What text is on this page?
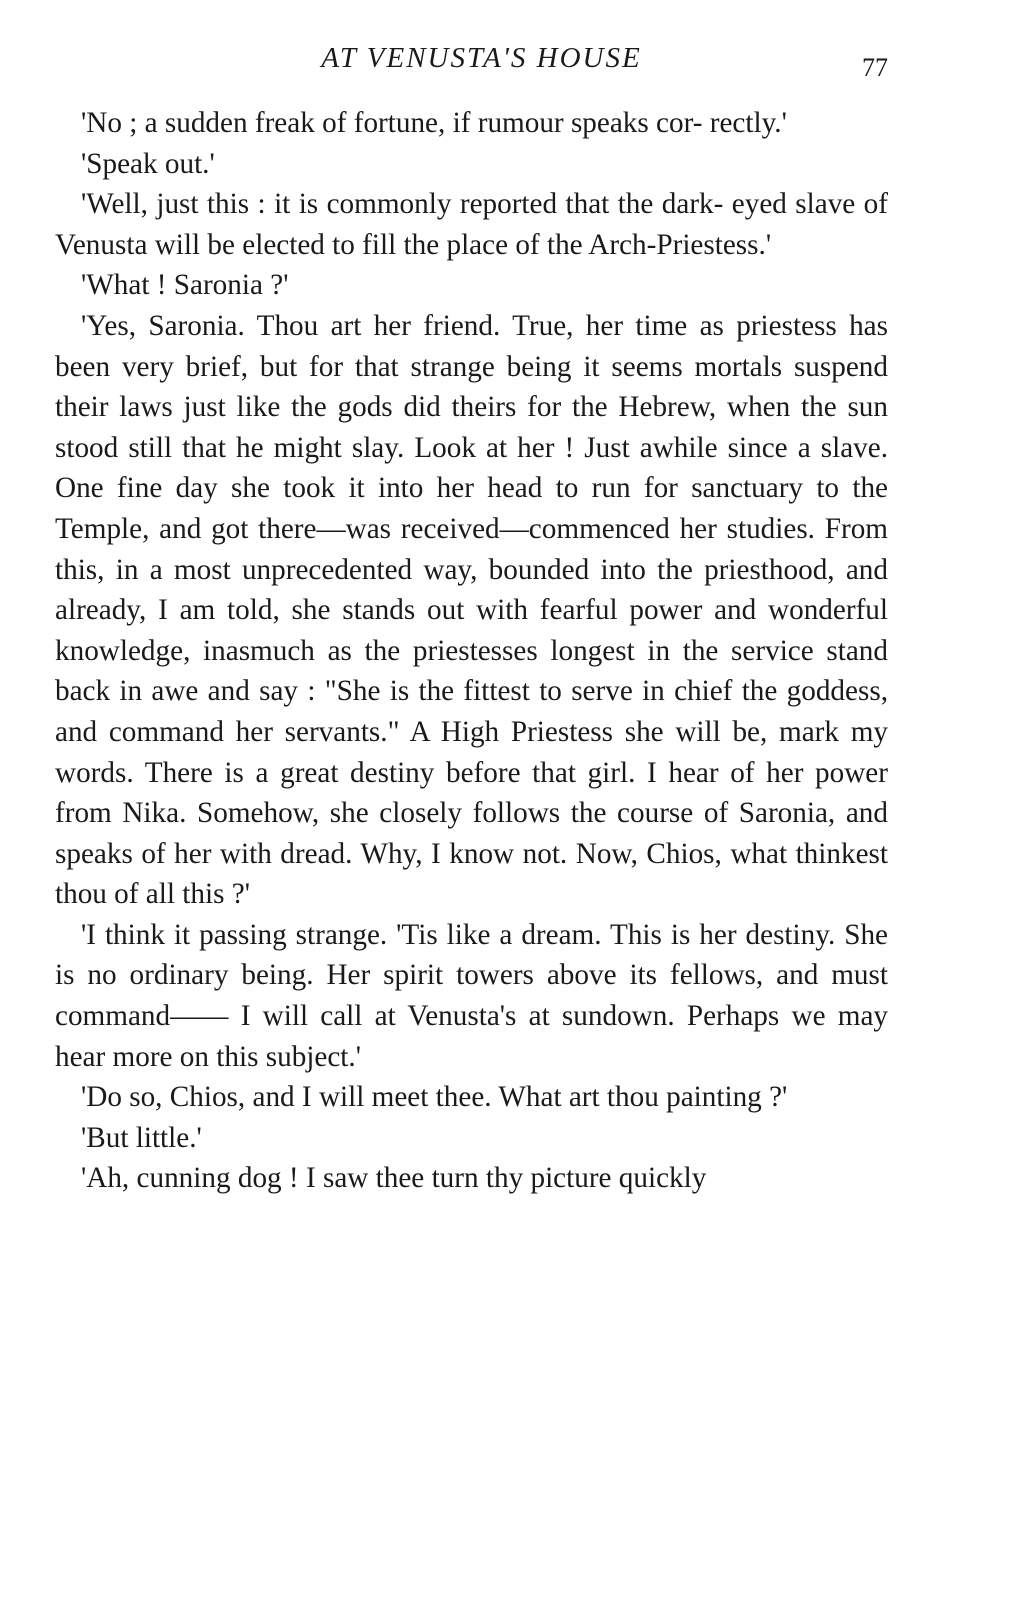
AT VENUSTA'S HOUSE	77

'No ; a sudden freak of fortune, if rumour speaks cor- rectly.'

'Speak out.'

'Well, just this : it is commonly reported that the dark- eyed slave of Venusta will be elected to fill the place of the Arch-Priestess.'

'What ! Saronia ?'

'Yes, Saronia. Thou art her friend. True, her time as priestess has been very brief, but for that strange being it seems mortals suspend their laws just like the gods did theirs for the Hebrew, when the sun stood still that he might slay. Look at her ! Just awhile since a slave. One fine day she took it into her head to run for sanctuary to the Temple, and got there—was received—commenced her studies. From this, in a most unprecedented way, bounded into the priesthood, and already, I am told, she stands out with fearful power and wonderful knowledge, inasmuch as the priestesses longest in the service stand back in awe and say : "She is the fittest to serve in chief the goddess, and command her servants." A High Priestess she will be, mark my words. There is a great destiny before that girl. I hear of her power from Nika. Somehow, she closely follows the course of Saronia, and speaks of her with dread. Why, I know not. Now, Chios, what thinkest thou of all this ?'

'I think it passing strange. 'Tis like a dream. This is her destiny. She is no ordinary being. Her spirit towers above its fellows, and must command—— I will call at Venusta's at sundown. Perhaps we may hear more on this subject.'

'Do so, Chios, and I will meet thee. What art thou painting ?'

'But little.'

'Ah, cunning dog ! I saw thee turn thy picture quickly
